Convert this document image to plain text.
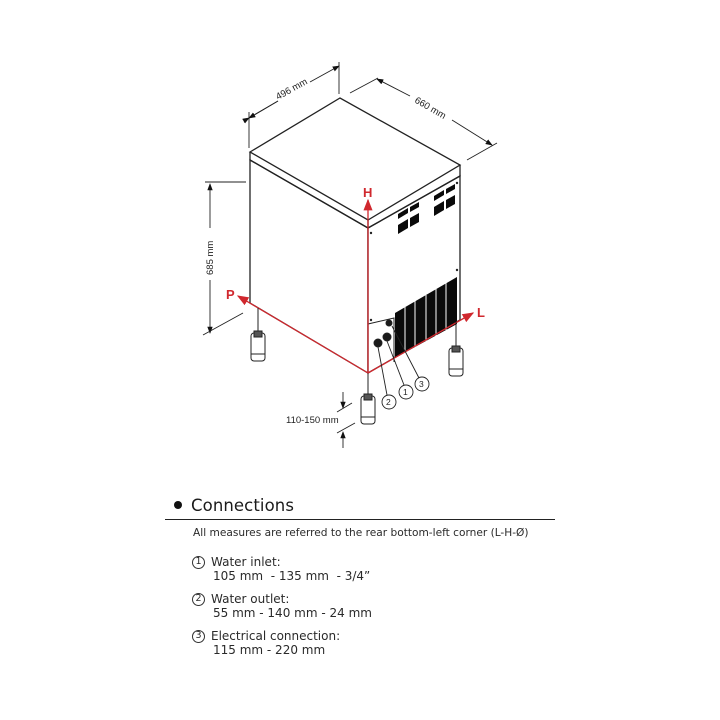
H
P
L
2
1
3
496 mm
660 mm
685 mm
110-150 mm
Connections
All measures are referred to the rear bottom-left corner (L-H-Ø)
1 Water inlet:
105 mm  - 135 mm  - 3/4”
2 Water outlet:
55 mm - 140 mm - 24 mm
3 Electrical connection:
115 mm - 220 mm
